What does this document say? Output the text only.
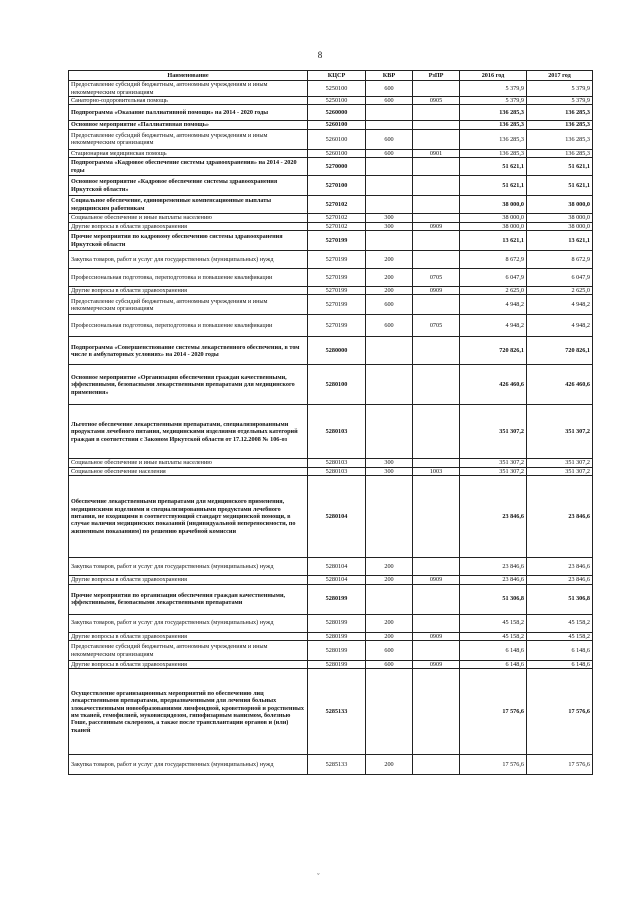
8
Наименование	КЦСР	КВР	РзПР	2016 год	2017 год
Предоставление субсидий бюджетным, автономным учреждениям и иным некоммерческим организациям	5250100	600		5 379,9	5 379,9
Санаторно-оздоровительная помощь	5250100	600	0905	5 379,9	5 379,9
Подпрограмма «Оказание паллиативной помощи» на 2014 - 2020 годы	5260000			136 285,3	136 285,3
Основное мероприятие «Паллиативная помощь»	5260100			136 285,3	136 285,3
Предоставление субсидий бюджетным, автономным учреждениям и иным некоммерческим организациям	5260100	600		136 285,3	136 285,3
Стационарная медицинская помощь	5260100	600	0901	136 285,3	136 285,3
Подпрограмма «Кадровое обеспечение системы здравоохранения» на 2014 - 2020 годы	5270000			51 621,1	51 621,1
Основное мероприятие «Кадровое обеспечение системы здравоохранения Иркутской области»	5270100			51 621,1	51 621,1
Социальное обеспечение, единовременные компенсационные выплаты медицинским работникам	5270102			38 000,0	38 000,0
Социальное обеспечение и иные выплаты населению	5270102	300		38 000,0	38 000,0
Другие вопросы в области здравоохранения	5270102	300	0909	38 000,0	38 000,0
Прочие мероприятия по кадровому обеспечению системы здравоохранения Иркутской области	5270199			13 621,1	13 621,1
Закупка товаров, работ и услуг для государственных (муниципальных) нужд	5270199	200		8 672,9	8 672,9
Профессиональная подготовка, переподготовка и повышение квалификации	5270199	200	0705	6 047,9	6 047,9
Другие вопросы в области здравоохранения	5270199	200	0909	2 625,0	2 625,0
Предоставление субсидий бюджетным, автономным учреждениям и иным некоммерческим организациям	5270199	600		4 948,2	4 948,2
Профессиональная подготовка, переподготовка и повышение квалификации	5270199	600	0705	4 948,2	4 948,2
Подпрограмма «Совершенствование системы лекарственного обеспечения, в том числе в амбулаторных условиях» на 2014 - 2020 годы	5280000			720 826,1	720 826,1
Основное мероприятие «Организация обеспечения граждан качественными, эффективными, безопасными лекарственными препаратами для медицинского применения»	5280100			426 460,6	426 460,6
Льготное обеспечение лекарственными препаратами, специализированными продуктами лечебного питания, медицинскими изделиями отдельных категорий граждан в соответствии с Законом Иркутской области от 17.12.2008 № 106-оз	5280103			351 307,2	351 307,2
Социальное обеспечение и иные выплаты населению	5280103	300		351 307,2	351 307,2
Социальное обеспечение населения	5280103	300	1003	351 307,2	351 307,2
Обеспечение лекарственными препаратами для медицинского применения, медицинскими изделиями и специализированными продуктами лечебного питания, не входящими в соответствующий стандарт медицинской помощи, в случае наличия медицинских показаний (индивидуальной непереносимости, по жизненным показаниям) по решению врачебной комиссии	5280104			23 846,6	23 846,6
Закупка товаров, работ и услуг для государственных (муниципальных) нужд	5280104	200		23 846,6	23 846,6
Другие вопросы в области здравоохранения	5280104	200	0909	23 846,6	23 846,6
Прочие мероприятия по организации обеспечения граждан качественными, эффективными, безопасными лекарственными препаратами	5280199			51 306,8	51 306,8
Закупка товаров, работ и услуг для государственных (муниципальных) нужд	5280199	200		45 158,2	45 158,2
Другие вопросы в области здравоохранения	5280199	200	0909	45 158,2	45 158,2
Предоставление субсидий бюджетным, автономным учреждениям и иным некоммерческим организациям	5280199	600		6 148,6	6 148,6
Другие вопросы в области здравоохранения	5280199	600	0909	6 148,6	6 148,6
Осуществление организационных мероприятий по обеспечению лиц лекарственными препаратами, предназначенными для лечения больных злокачественными новообразованиями лимфоидной, кроветворной и родственных им тканей, гемофилией, муковисцидозом, гипофизарным нанизмом, болезнью Гоше, рассеянным склерозом, а также после трансплантации органов и (или) тканей	5285133			17 576,6	17 576,6
Закупка товаров, работ и услуг для государственных (муниципальных) нужд	5285133	200		17 576,6	17 576,6
ˇ
